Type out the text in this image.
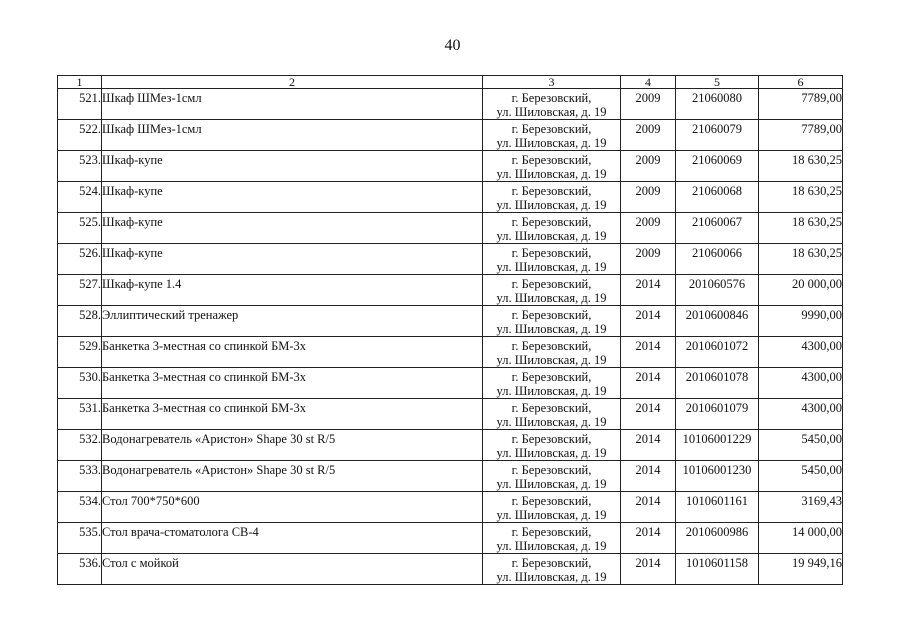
40
1	2	3	4	5	6

521.	Шкаф ШМез-1смл	г. Березовский,
ул. Шиловская, д. 19	2009	21060080	7789,00

522.	Шкаф ШМез-1смл	г. Березовский,
ул. Шиловская, д. 19	2009	21060079	7789,00

523.	Шкаф-купе	г. Березовский,
ул. Шиловская, д. 19	2009	21060069	18 630,25

524.	Шкаф-купе	г. Березовский,
ул. Шиловская, д. 19	2009	21060068	18 630,25

525.	Шкаф-купе	г. Березовский,
ул. Шиловская, д. 19	2009	21060067	18 630,25

526.	Шкаф-купе	г. Березовский,
ул. Шиловская, д. 19	2009	21060066	18 630,25

527.	Шкаф-купе 1.4	г. Березовский,
ул. Шиловская, д. 19	2014	201060576	20 000,00

528.	Эллиптический тренажер	г. Березовский,
ул. Шиловская, д. 19	2014	2010600846	9990,00

529.	Банкетка 3-местная со спинкой БМ-3х	г. Березовский,
ул. Шиловская, д. 19	2014	2010601072	4300,00

530.	Банкетка 3-местная со спинкой БМ-3х	г. Березовский,
ул. Шиловская, д. 19	2014	2010601078	4300,00

531.	Банкетка 3-местная со спинкой БМ-3х	г. Березовский,
ул. Шиловская, д. 19	2014	2010601079	4300,00

532.	Водонагреватель «Аристон» Shape 30 st R/5	г. Березовский,
ул. Шиловская, д. 19	2014	10106001229	5450,00

533.	Водонагреватель «Аристон» Shape 30 st R/5	г. Березовский,
ул. Шиловская, д. 19	2014	10106001230	5450,00

534.	Стол 700*750*600	г. Березовский,
ул. Шиловская, д. 19	2014	1010601161	3169,43

535.	Стол врача-стоматолога СВ-4	г. Березовский,
ул. Шиловская, д. 19	2014	2010600986	14 000,00

536.	Стол с мойкой	г. Березовский,
ул. Шиловская, д. 19	2014	1010601158	19 949,16
